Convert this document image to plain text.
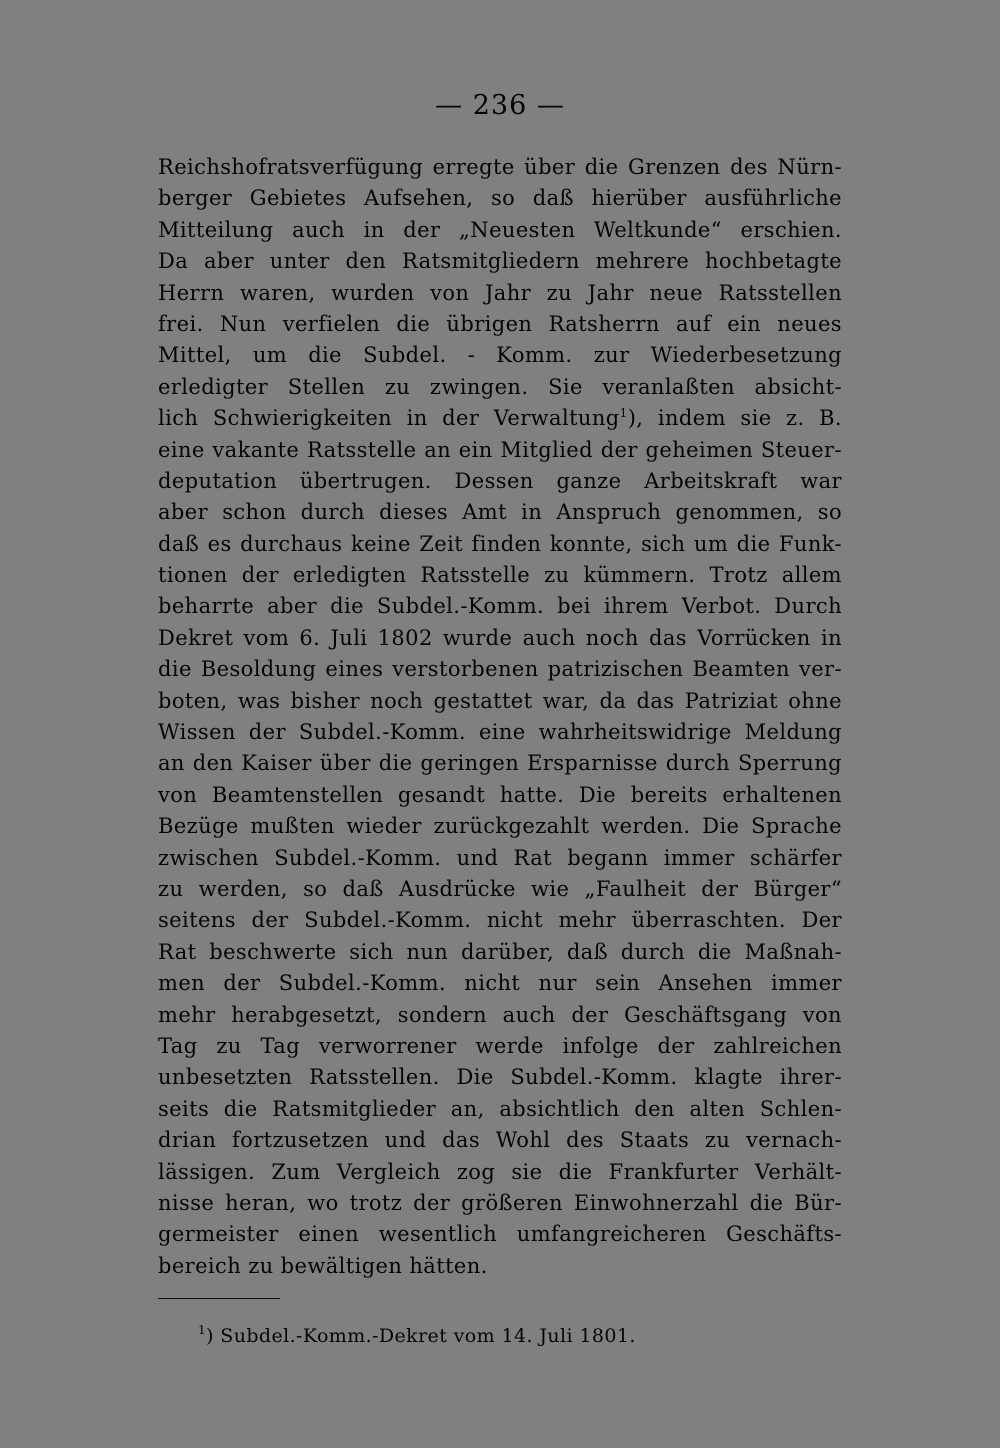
— 236 —
Reichshofratsverfügung erregte über die Grenzen des Nürn-
berger Gebietes Aufsehen, so daß hierüber ausführliche
Mitteilung auch in der „Neuesten Weltkunde“ erschien.
Da aber unter den Ratsmitgliedern mehrere hochbetagte
Herrn waren, wurden von Jahr zu Jahr neue Ratsstellen
frei. Nun verfielen die übrigen Ratsherrn auf ein neues
Mittel, um die Subdel. - Komm. zur Wiederbesetzung
erledigter Stellen zu zwingen. Sie veranlaßten absicht-
lich Schwierigkeiten in der Verwaltung$^1$), indem sie z. B.
eine vakante Ratsstelle an ein Mitglied der geheimen Steuer-
deputation übertrugen. Dessen ganze Arbeitskraft war
aber schon durch dieses Amt in Anspruch genommen, so
daß es durchaus keine Zeit finden konnte, sich um die Funk-
tionen der erledigten Ratsstelle zu kümmern. Trotz allem
beharrte aber die Subdel.-Komm. bei ihrem Verbot. Durch
Dekret vom 6. Juli 1802 wurde auch noch das Vorrücken in
die Besoldung eines verstorbenen patrizischen Beamten ver-
boten, was bisher noch gestattet war, da das Patriziat ohne
Wissen der Subdel.-Komm. eine wahrheitswidrige Meldung
an den Kaiser über die geringen Ersparnisse durch Sperrung
von Beamtenstellen gesandt hatte. Die bereits erhaltenen
Bezüge mußten wieder zurückgezahlt werden. Die Sprache
zwischen Subdel.-Komm. und Rat begann immer schärfer
zu werden, so daß Ausdrücke wie „Faulheit der Bürger“
seitens der Subdel.-Komm. nicht mehr überraschten. Der
Rat beschwerte sich nun darüber, daß durch die Maßnah-
men der Subdel.-Komm. nicht nur sein Ansehen immer
mehr herabgesetzt, sondern auch der Geschäftsgang von
Tag zu Tag verworrener werde infolge der zahlreichen
unbesetzten Ratsstellen. Die Subdel.-Komm. klagte ihrer-
seits die Ratsmitglieder an, absichtlich den alten Schlen-
drian fortzusetzen und das Wohl des Staats zu vernach-
lässigen. Zum Vergleich zog sie die Frankfurter Verhält-
nisse heran, wo trotz der größeren Einwohnerzahl die Bür-
germeister einen wesentlich umfangreicheren Geschäfts-
bereich zu bewältigen hätten.
$^1$) Subdel.-Komm.-Dekret vom 14. Juli 1801.
